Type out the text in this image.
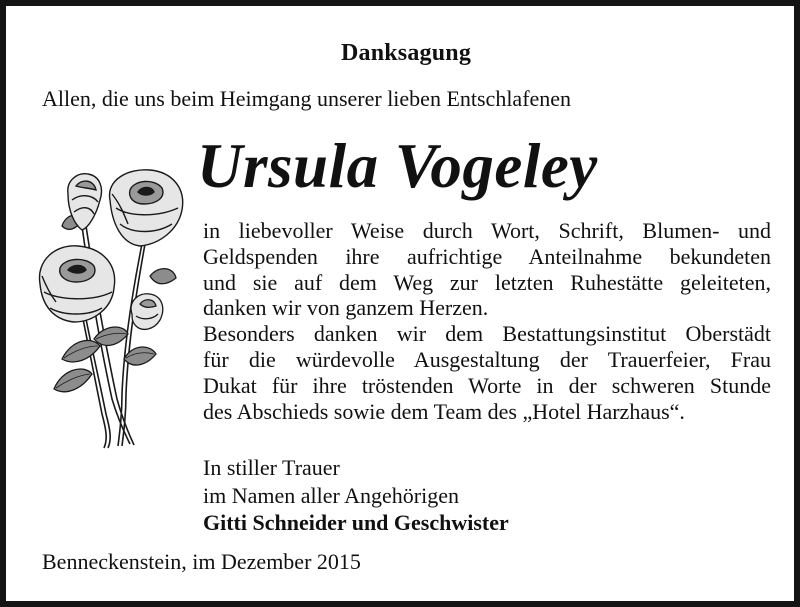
Danksagung
Allen, die uns beim Heimgang unserer lieben Entschlafenen
Ursula Vogeley
in liebevoller Weise durch Wort, Schrift, Blumen- und
Geldspenden ihre aufrichtige Anteilnahme bekundeten
und sie auf dem Weg zur letzten Ruhestätte geleiteten,
danken wir von ganzem Herzen.
Besonders danken wir dem Bestattungsinstitut Oberstädt
für die würdevolle Ausgestaltung der Trauerfeier, Frau
Dukat für ihre tröstenden Worte in der schweren Stunde
des Abschieds sowie dem Team des „Hotel Harzhaus“.
In stiller Trauer
im Namen aller Angehörigen
Gitti Schneider und Geschwister
Benneckenstein, im Dezember 2015
